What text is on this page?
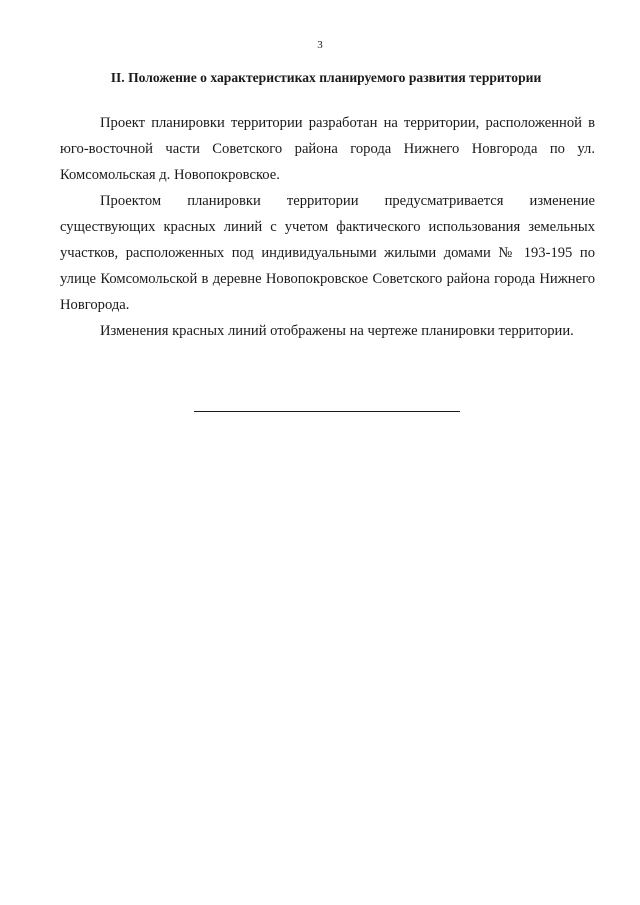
3
II. Положение о характеристиках планируемого развития территории

Проект планировки территории разработан на территории, расположенной в юго-восточной части Советского района города Нижнего Новгорода по ул. Комсомольская д. Новопокровское.

Проектом планировки территории предусматривается изменение существующих красных линий с учетом фактического использования земельных участков, расположенных под индивидуальными жилыми домами № 193-195 по улице Комсомольской в деревне Новопокровское Советского района города Нижнего Новгорода.

Изменения красных линий отображены на чертеже планировки территории.
